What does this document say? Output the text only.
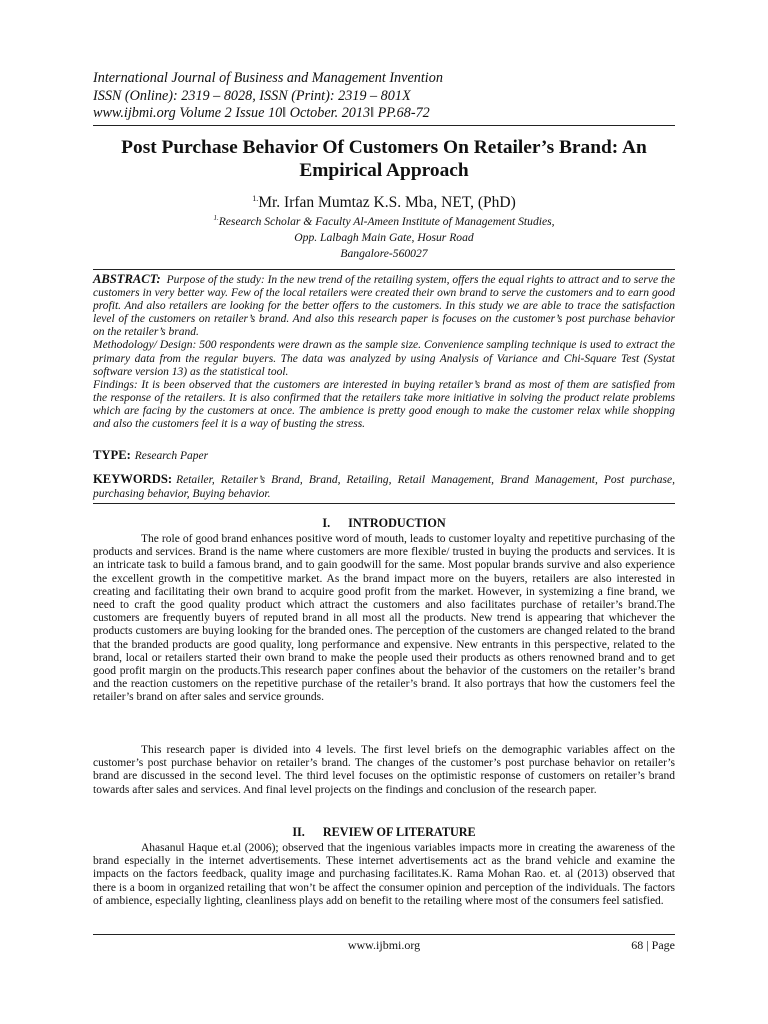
International Journal of Business and Management Invention
ISSN (Online): 2319 – 8028, ISSN (Print): 2319 – 801X
www.ijbmi.org Volume 2 Issue 10‖ October. 2013‖ PP.68-72
Post Purchase Behavior Of Customers On Retailer’s Brand: An
Empirical Approach
$^{1.}$Mr. Irfan Mumtaz K.S. Mba, NET, (PhD)
$^{1.}$Research Scholar & Faculty Al-Ameen Institute of Management Studies,
Opp. Lalbagh Main Gate, Hosur Road
Bangalore-560027
ABSTRACT: Purpose of the study: In the new trend of the retailing system, offers the equal rights to attract and to serve the customers in very better way. Few of the local retailers were created their own brand to serve the customers and to earn good profit. And also retailers are looking for the better offers to the customers. In this study we are able to trace the satisfaction level of the customers on retailer’s brand. And also this research paper is focuses on the customer’s post purchase behavior on the retailer’s brand.
Methodology/ Design: 500 respondents were drawn as the sample size. Convenience sampling technique is used to extract the primary data from the regular buyers. The data was analyzed by using Analysis of Variance and Chi-Square Test (Systat software version 13) as the statistical tool.
Findings: It is been observed that the customers are interested in buying retailer’s brand as most of them are satisfied from the response of the retailers. It is also confirmed that the retailers take more initiative in solving the product relate problems which are facing by the customers at once. The ambience is pretty good enough to make the customer relax while shopping and also the customers feel it is a way of busting the stress.
TYPE: Research Paper
KEYWORDS: Retailer, Retailer’s Brand, Brand, Retailing, Retail Management, Brand Management, Post purchase, purchasing behavior, Buying behavior.
I. INTRODUCTION
The role of good brand enhances positive word of mouth, leads to customer loyalty and repetitive purchasing of the products and services. Brand is the name where customers are more flexible/ trusted in buying the products and services. It is an intricate task to build a famous brand, and to gain goodwill for the same. Most popular brands survive and also experience the excellent growth in the competitive market. As the brand impact more on the buyers, retailers are also interested in creating and facilitating their own brand to acquire good profit from the market. However, in systemizing a fine brand, we need to craft the good quality product which attract the customers and also facilitates purchase of retailer’s brand.The customers are frequently buyers of reputed brand in all most all the products. New trend is appearing that whichever the products customers are buying looking for the branded ones. The perception of the customers are changed related to the brand that the branded products are good quality, long performance and expensive. New entrants in this perspective, related to the brand, local or retailers started their own brand to make the people used their products as others renowned brand and to get good profit margin on the products.This research paper confines about the behavior of the customers on the retailer’s brand and the reaction customers on the repetitive purchase of the retailer’s brand. It also portrays that how the customers feel the retailer’s brand on after sales and service grounds.
This research paper is divided into 4 levels. The first level briefs on the demographic variables affect on the customer’s post purchase behavior on retailer’s brand. The changes of the customer’s post purchase behavior on retailer’s brand are discussed in the second level. The third level focuses on the optimistic response of customers on retailer’s brand towards after sales and services. And final level projects on the findings and conclusion of the research paper.
II. REVIEW OF LITERATURE
Ahasanul Haque et.al (2006); observed that the ingenious variables impacts more in creating the awareness of the brand especially in the internet advertisements. These internet advertisements act as the brand vehicle and examine the impacts on the factors feedback, quality image and purchasing facilitates.K. Rama Mohan Rao. et. al (2013) observed that there is a boom in organized retailing that won’t be affect the consumer opinion and perception of the individuals. The factors of ambience, especially lighting, cleanliness plays add on benefit to the retailing where most of the consumers feel satisfied.
www.ijbmi.org	68 | Page
